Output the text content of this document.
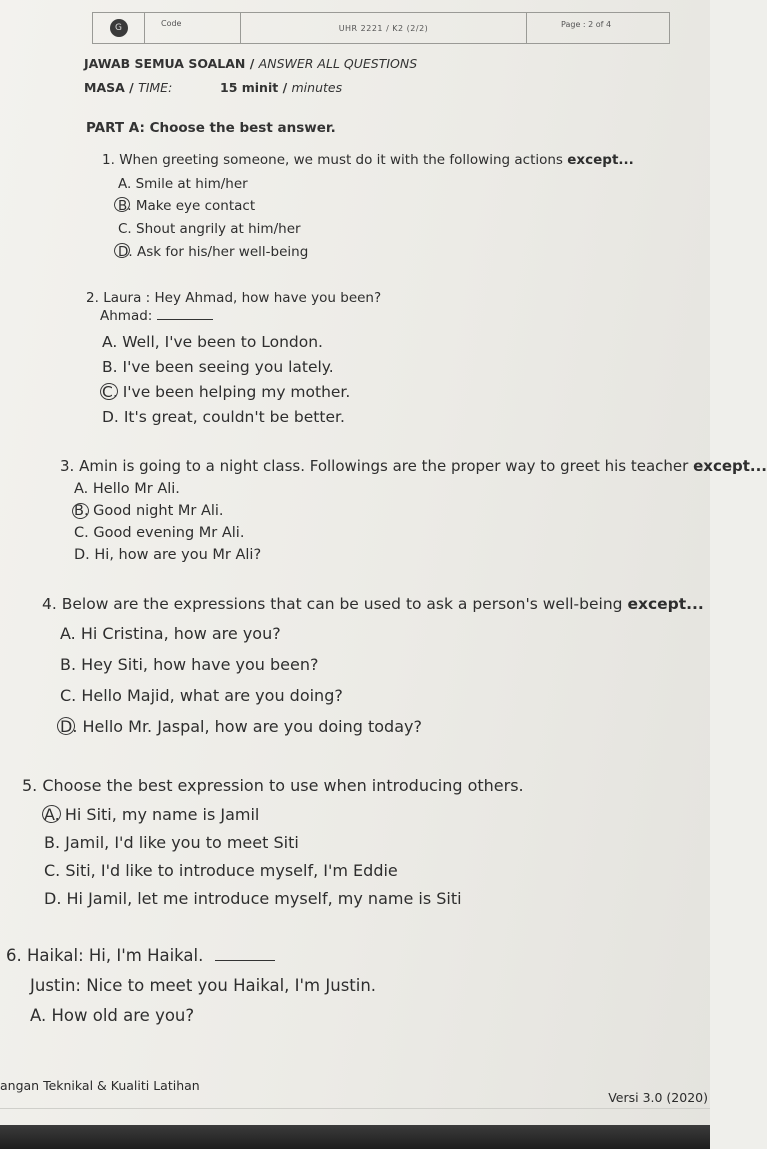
G	Code	UHR 2221 / K2 (2/2)	Page : 2 of 4
JAWAB SEMUA SOALAN / ANSWER ALL QUESTIONS
MASA / TIME:	15 minit / minutes
PART A: Choose the best answer.
1. When greeting someone, we must do it with the following actions except...
A. Smile at him/her
B. Make eye contact
C. Shout angrily at him/her
D. Ask for his/her well-being
2. Laura : Hey Ahmad, how have you been?
Ahmad:
A. Well, I've been to London.
B. I've been seeing you lately.
C. I've been helping my mother.
D. It's great, couldn't be better.
3. Amin is going to a night class. Followings are the proper way to greet his teacher except...
A. Hello Mr Ali.
B. Good night Mr Ali.
C. Good evening Mr Ali.
D. Hi, how are you Mr Ali?
4. Below are the expressions that can be used to ask a person's well-being except...
A. Hi Cristina, how are you?
B. Hey Siti, how have you been?
C. Hello Majid, what are you doing?
D. Hello Mr. Jaspal, how are you doing today?
5. Choose the best expression to use when introducing others.
A. Hi Siti, my name is Jamil
B. Jamil, I'd like you to meet Siti
C. Siti, I'd like to introduce myself, I'm Eddie
D. Hi Jamil, let me introduce myself, my name is Siti
6. Haikal: Hi, I'm Haikal.
Justin: Nice to meet you Haikal, I'm Justin.
A. How old are you?
angan Teknikal & Kualiti Latihan
Versi 3.0 (2020)
